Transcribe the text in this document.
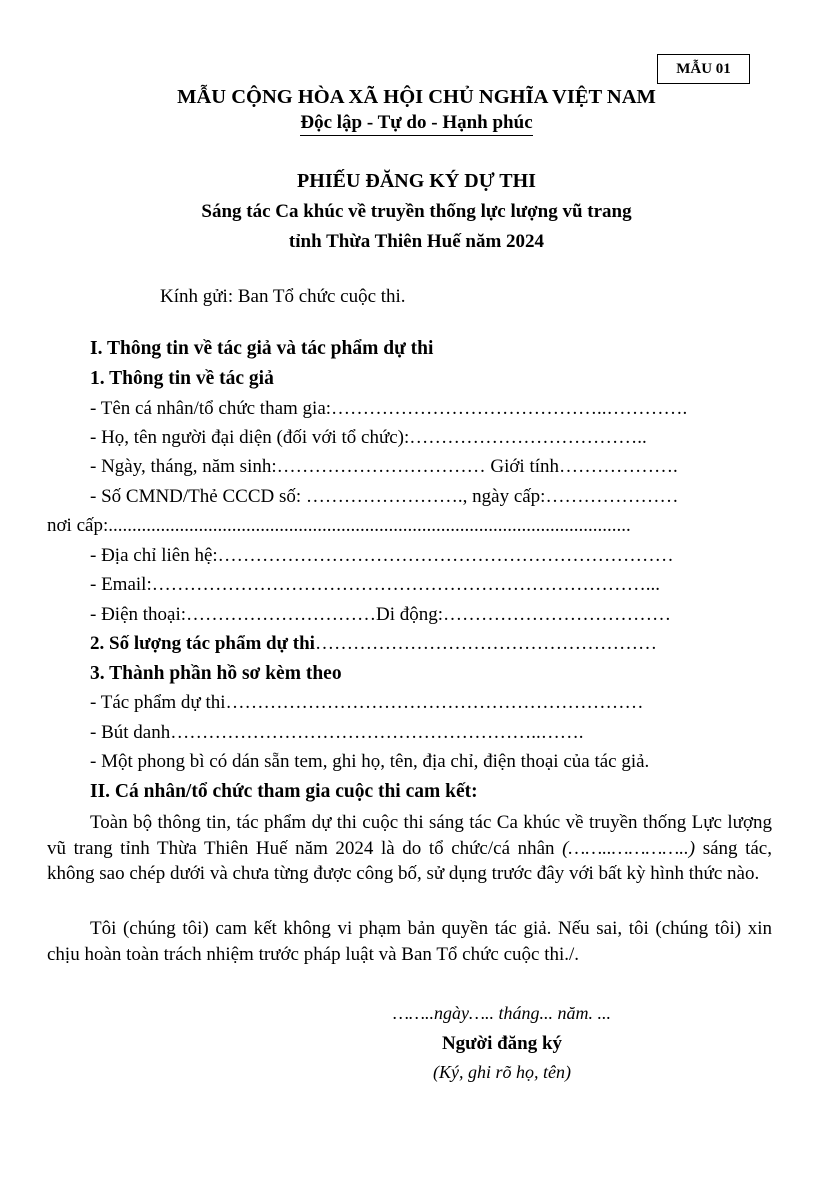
MẪU 01
MẪU CỘNG HÒA XÃ HỘI CHỦ NGHĨA VIỆT NAM
Độc lập - Tự do - Hạnh phúc
PHIẾU ĐĂNG KÝ DỰ THI
Sáng tác Ca khúc về truyền thống lực lượng vũ trang
tỉnh Thừa Thiên Huế năm 2024
Kính gửi: Ban Tổ chức cuộc thi.
I. Thông tin về tác giả và tác phẩm dự thi
1. Thông tin về tác giả
- Tên cá nhân/tổ chức tham gia:……………………………………..………….
- Họ, tên người đại diện (đối với tổ chức):………………………………..
- Ngày, tháng, năm sinh:…………………………… Giới tính……………….
- Số CMND/Thẻ CCCD số: ……………………., ngày cấp:…………………
nơi cấp:..............................................................................................................
- Địa chỉ liên hệ:………………………………………………………………
- Email:……………………………………………………………………...
- Điện thoại:…………………………Di động:………………………………
2. Số lượng tác phẩm dự thi………………………………………………
3. Thành phần hồ sơ kèm theo
- Tác phẩm dự thi…………………………………………………………
- Bút danh…………………………………………………..…….
- Một phong bì có dán sẵn tem, ghi họ, tên, địa chỉ, điện thoại của tác giả.
II. Cá nhân/tổ chức tham gia cuộc thi cam kết:
Toàn bộ thông tin, tác phẩm dự thi cuộc thi sáng tác Ca khúc về truyền thống Lực lượng vũ trang tỉnh Thừa Thiên Huế năm 2024 là do tổ chức/cá nhân (……..…………..) sáng tác, không sao chép dưới và chưa từng được công bố, sử dụng trước đây với bất kỳ hình thức nào.
Tôi (chúng tôi) cam kết không vi phạm bản quyền tác giả. Nếu sai, tôi (chúng tôi) xin chịu hoàn toàn trách nhiệm trước pháp luật và Ban Tổ chức cuộc thi./.
……..ngày….. tháng... năm. ...
Người đăng ký
(Ký, ghi rõ họ, tên)
